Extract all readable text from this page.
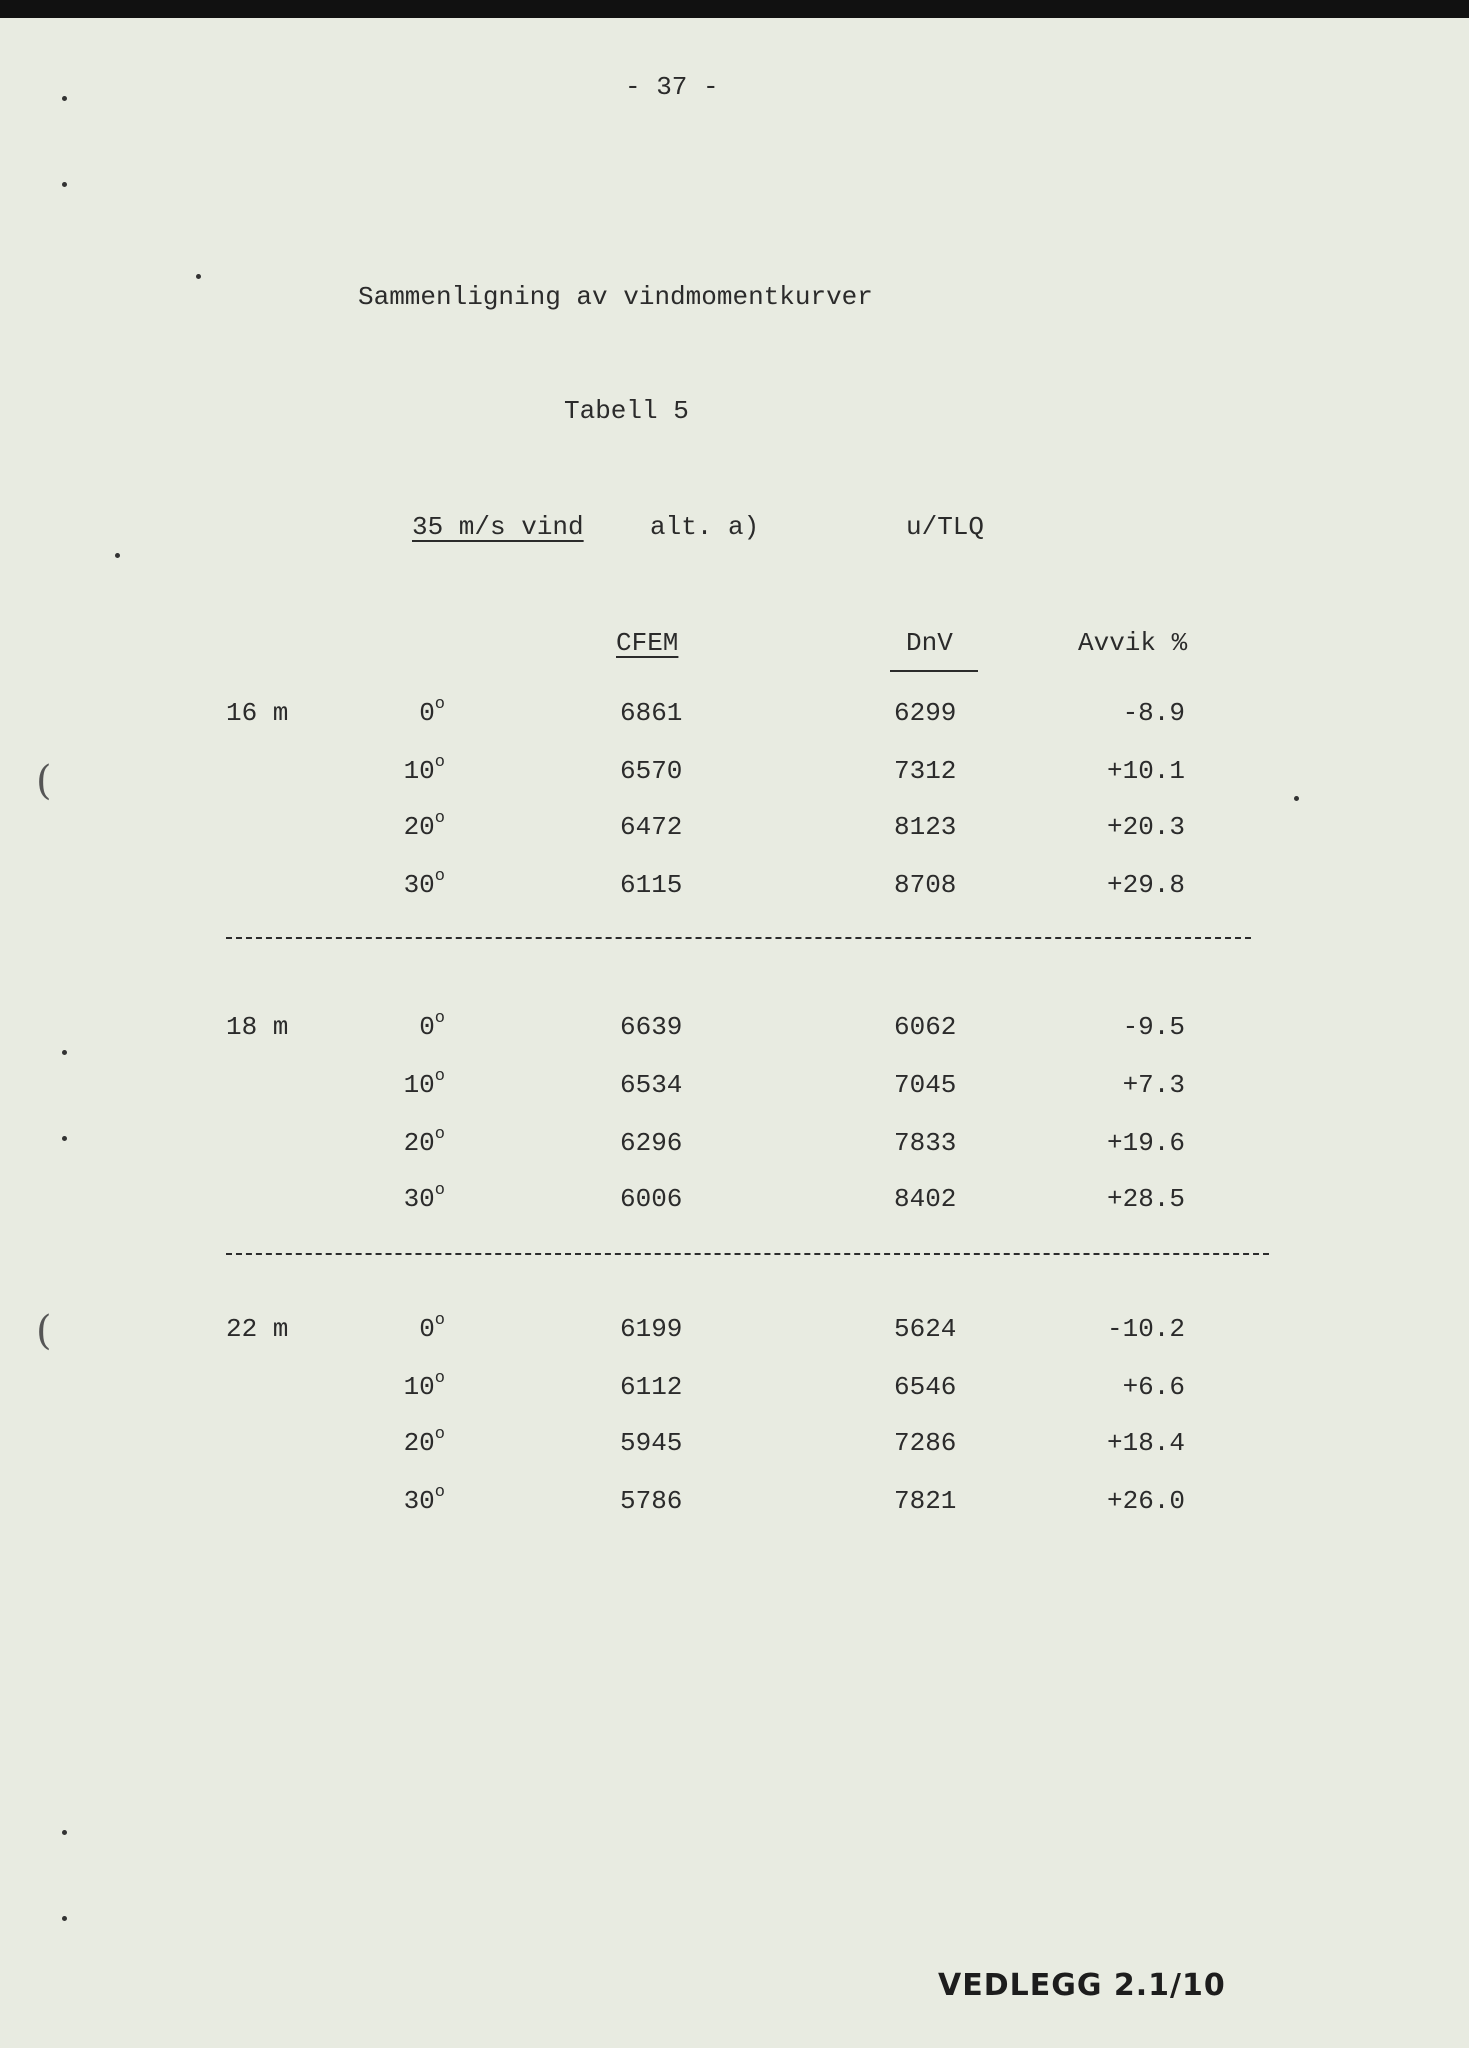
- 37 -
Sammenligning av vindmomentkurver
Tabell 5
35 m/s vind	alt. a)	u/TLQ
CFEM	DnV	Avvik %
16 m	0$^o$	6861	6299	-8.9
10$^o$	6570	7312	+10.1
20$^o$	6472	8123	+20.3
30$^o$	6115	8708	+29.8
18 m	0$^o$	6639	6062	-9.5
10$^o$	6534	7045	+7.3
20$^o$	6296	7833	+19.6
30$^o$	6006	8402	+28.5
22 m	0$^o$	6199	5624	-10.2
10$^o$	6112	6546	+6.6
20$^o$	5945	7286	+18.4
30$^o$	5786	7821	+26.0
VEDLEGG 2.1/10
(
(
